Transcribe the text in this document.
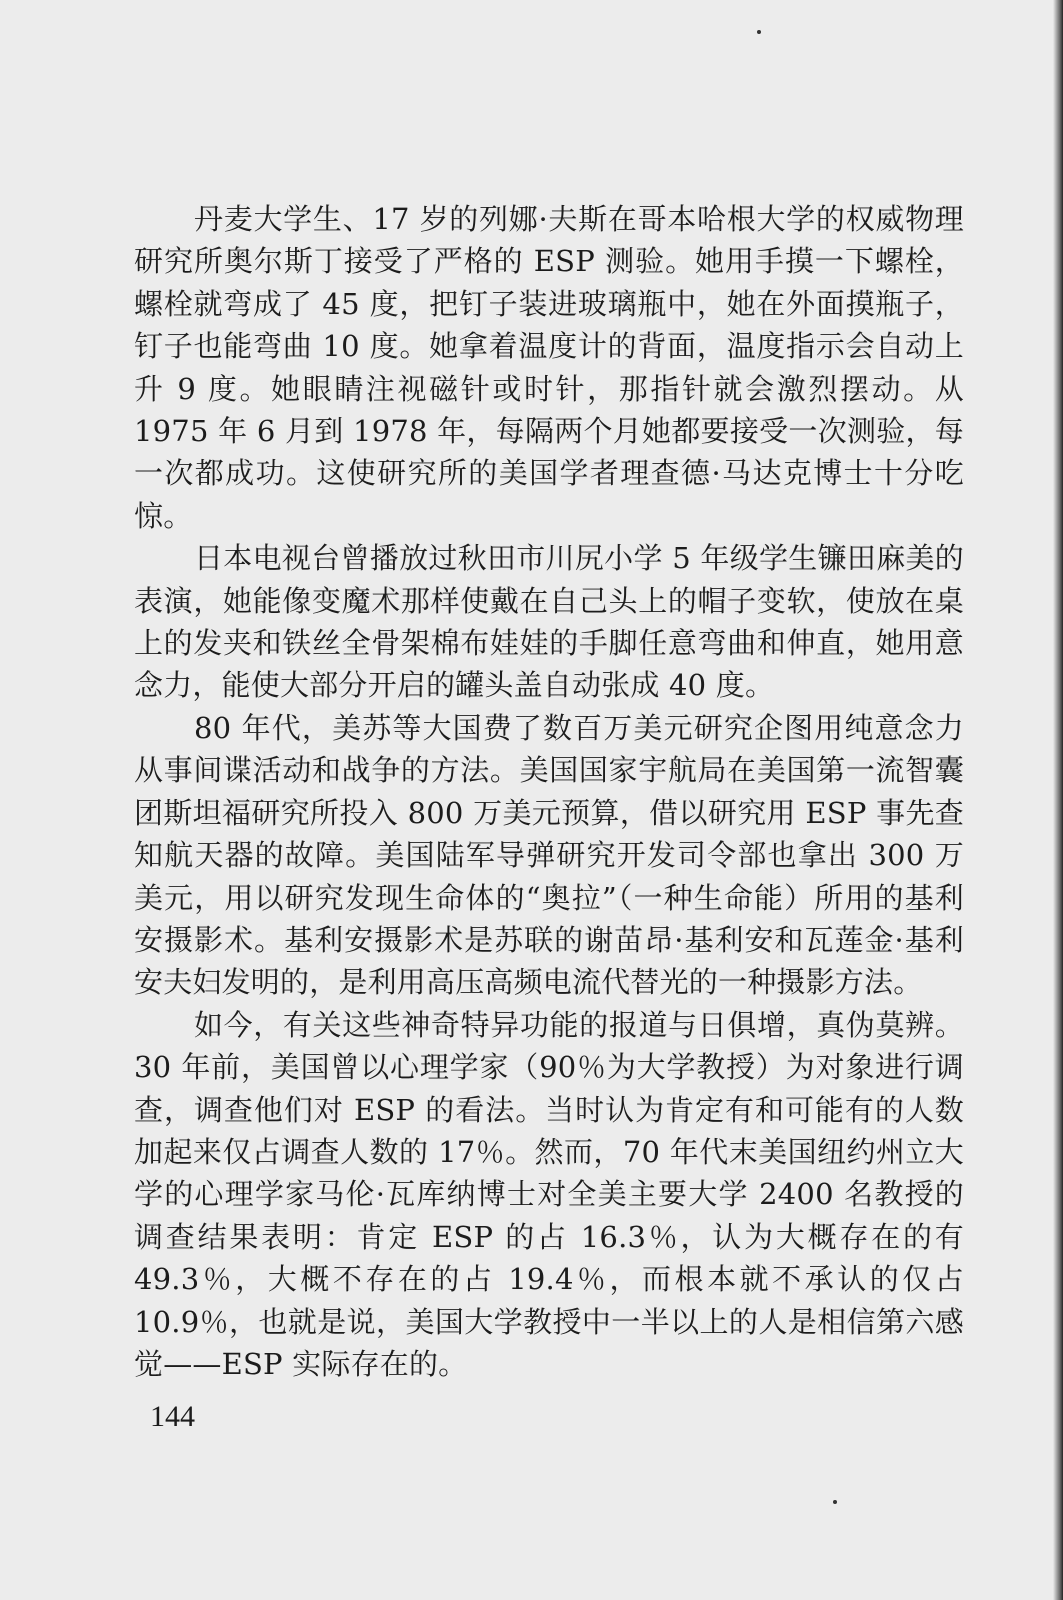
丹麦大学生、17 岁的列娜·夫斯在哥本哈根大学的权威物理研究所奥尔斯丁接受了严格的 ESP 测验。她用手摸一下螺栓，螺栓就弯成了 45 度，把钉子装进玻璃瓶中，她在外面摸瓶子，钉子也能弯曲 10 度。她拿着温度计的背面，温度指示会自动上升 9 度。她眼睛注视磁针或时针，那指针就会激烈摆动。从 1975 年 6 月到 1978 年，每隔两个月她都要接受一次测验，每一次都成功。这使研究所的美国学者理查德·马达克博士十分吃惊。

日本电视台曾播放过秋田市川尻小学 5 年级学生镰田麻美的表演，她能像变魔术那样使戴在自己头上的帽子变软，使放在桌上的发夹和铁丝全骨架棉布娃娃的手脚任意弯曲和伸直，她用意念力，能使大部分开启的罐头盖自动张成 40 度。

80 年代，美苏等大国费了数百万美元研究企图用纯意念力从事间谍活动和战争的方法。美国国家宇航局在美国第一流智囊团斯坦福研究所投入 800 万美元预算，借以研究用 ESP 事先查知航天器的故障。美国陆军导弹研究开发司令部也拿出 300 万美元，用以研究发现生命体的“奥拉”（一种生命能）所用的基利安摄影术。基利安摄影术是苏联的谢苗昂·基利安和瓦莲金·基利安夫妇发明的，是利用高压高频电流代替光的一种摄影方法。

如今，有关这些神奇特异功能的报道与日俱增，真伪莫辨。30 年前，美国曾以心理学家（90％为大学教授）为对象进行调查，调查他们对 ESP 的看法。当时认为肯定有和可能有的人数加起来仅占调查人数的 17％。然而，70 年代末美国纽约州立大学的心理学家马伦·瓦库纳博士对全美主要大学 2400 名教授的调查结果表明：肯定 ESP 的占 16.3％，认为大概存在的有 49.3％，大概不存在的占 19.4％，而根本就不承认的仅占 10.9％，也就是说，美国大学教授中一半以上的人是相信第六感觉——ESP 实际存在的。

144
